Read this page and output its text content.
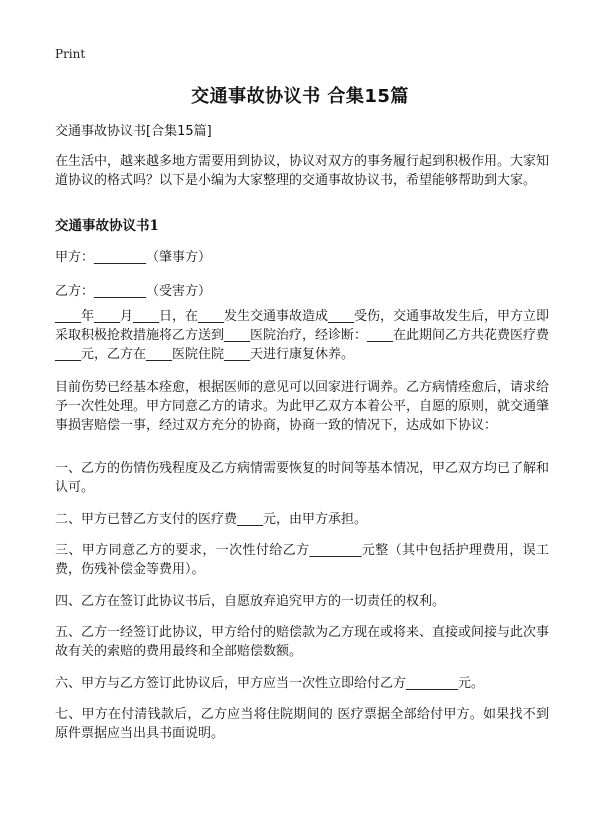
Print
交通事故协议书 合集15篇
交通事故协议书[合集15篇]
在生活中，越来越多地方需要用到协议，协议对双方的事务履行起到积极作用。大家知道协议的格式吗？以下是小编为大家整理的交通事故协议书，希望能够帮助到大家。
交通事故协议书1
甲方：________（肇事方）
乙方：________（受害方）
____年____月____日，在____发生交通事故造成____受伤，交通事故发生后，甲方立即采取积极抢救措施将乙方送到____医院治疗，经诊断：____在此期间乙方共花费医疗费____元，乙方在____医院住院____天进行康复休养。
目前伤势已经基本痊愈，根据医师的意见可以回家进行调养。乙方病情痊愈后，请求给予一次性处理。甲方同意乙方的请求。为此甲乙双方本着公平，自愿的原则，就交通肇事损害赔偿一事，经过双方充分的协商，协商一致的情况下，达成如下协议：
一、乙方的伤情伤残程度及乙方病情需要恢复的时间等基本情况，甲乙双方均已了解和认可。
二、甲方已替乙方支付的医疗费____元，由甲方承担。
三、甲方同意乙方的要求，一次性付给乙方________元整（其中包括护理费用，误工费，伤残补偿金等费用）。
四、乙方在签订此协议书后，自愿放弃追究甲方的一切责任的权利。
五、乙方一经签订此协议，甲方给付的赔偿款为乙方现在或将来、直接或间接与此次事故有关的索赔的费用最终和全部赔偿数额。
六、甲方与乙方签订此协议后，甲方应当一次性立即给付乙方________元。
七、甲方在付清钱款后，乙方应当将住院期间的 医疗票据全部给付甲方。如果找不到原件票据应当出具书面说明。
